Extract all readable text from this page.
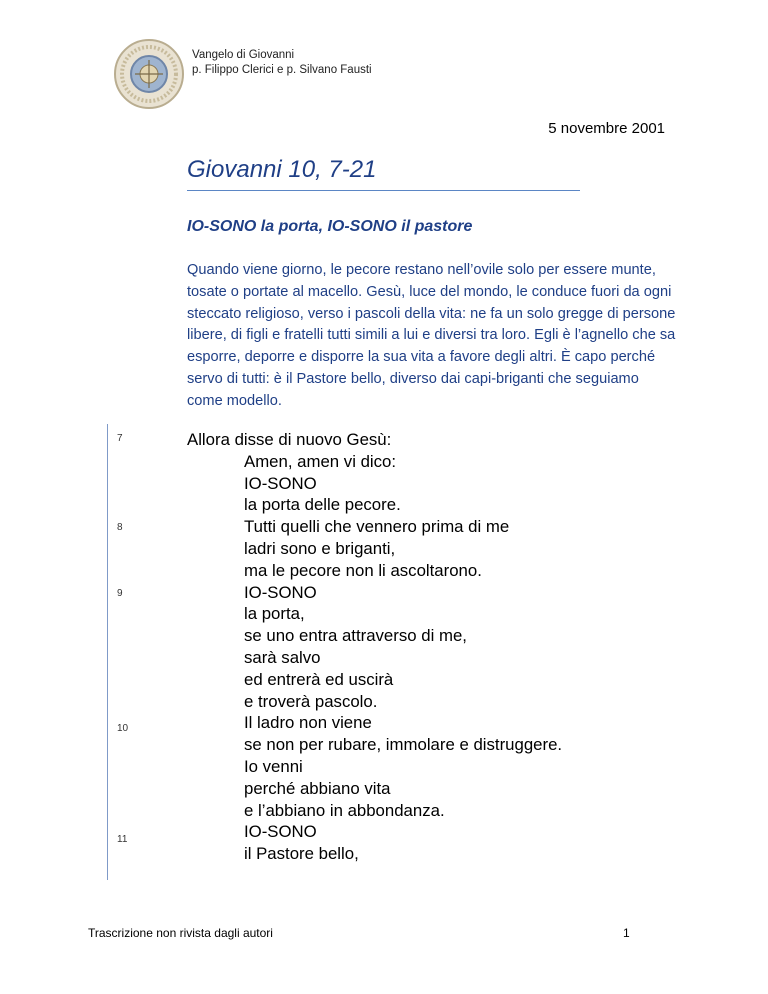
Vangelo di Giovanni
p. Filippo Clerici e p. Silvano Fausti
5 novembre 2001
Giovanni 10, 7-21
IO-SONO la porta, IO-SONO il pastore

Quando viene giorno, le pecore restano nell’ovile solo per essere munte, tosate o portate al macello. Gesù, luce del mondo, le conduce fuori da ogni steccato religioso, verso i pascoli della vita: ne fa un solo gregge di persone libere, di figli e fratelli tutti simili a lui e diversi tra loro. Egli è l’agnello che sa esporre, deporre e disporre la sua vita a favore degli altri. È capo perché servo di tutti: è il Pastore bello, diverso dai capi-briganti che seguiamo come modello.

7
8
9
10
11
Allora disse di nuovo Gesù:
Amen, amen vi dico:
IO-SONO
la porta delle pecore.
Tutti quelli che vennero prima di me
ladri sono e briganti,
ma le pecore non li ascoltarono.
IO-SONO
la porta,
se uno entra attraverso di me,
sarà salvo
ed entrerà ed uscirà
e troverà pascolo.
Il ladro non viene
se non per rubare, immolare e distruggere.
Io venni
perché abbiano vita
e l’abbiano in abbondanza.
IO-SONO
il Pastore bello,
Trascrizione non rivista dagli autori	1
